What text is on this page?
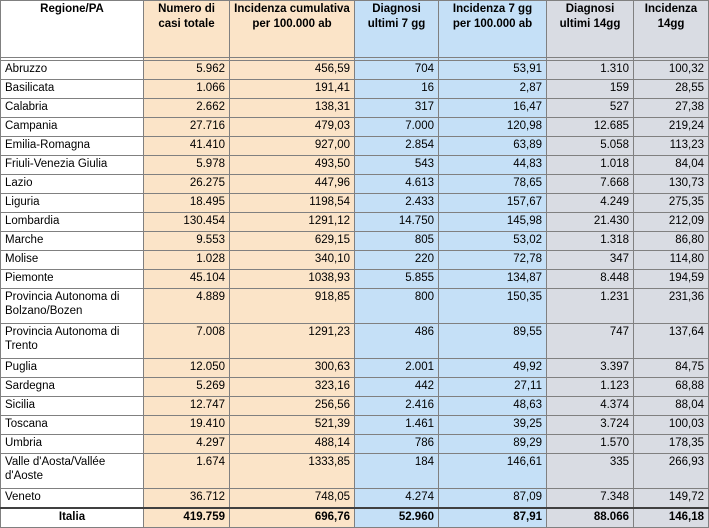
Regione/PA	Numero di casi totale	Incidenza cumulativa per 100.000 ab	Diagnosi ultimi 7 gg	Incidenza 7 gg per 100.000 ab	Diagnosi ultimi 14gg	Incidenza 14gg

Abruzzo	5.962	456,59	704	53,91	1.310	100,32
Basilicata	1.066	191,41	16	2,87	159	28,55
Calabria	2.662	138,31	317	16,47	527	27,38
Campania	27.716	479,03	7.000	120,98	12.685	219,24
Emilia-Romagna	41.410	927,00	2.854	63,89	5.058	113,23
Friuli-Venezia Giulia	5.978	493,50	543	44,83	1.018	84,04
Lazio	26.275	447,96	4.613	78,65	7.668	130,73
Liguria	18.495	1198,54	2.433	157,67	4.249	275,35
Lombardia	130.454	1291,12	14.750	145,98	21.430	212,09
Marche	9.553	629,15	805	53,02	1.318	86,80
Molise	1.028	340,10	220	72,78	347	114,80
Piemonte	45.104	1038,93	5.855	134,87	8.448	194,59
Provincia Autonoma di Bolzano/Bozen	4.889	918,85	800	150,35	1.231	231,36
Provincia Autonoma di Trento	7.008	1291,23	486	89,55	747	137,64
Puglia	12.050	300,63	2.001	49,92	3.397	84,75
Sardegna	5.269	323,16	442	27,11	1.123	68,88
Sicilia	12.747	256,56	2.416	48,63	4.374	88,04
Toscana	19.410	521,39	1.461	39,25	3.724	100,03
Umbria	4.297	488,14	786	89,29	1.570	178,35
Valle d'Aosta/Vallée d'Aoste	1.674	1333,85	184	146,61	335	266,93
Veneto	36.712	748,05	4.274	87,09	7.348	149,72
Italia	419.759	696,76	52.960	87,91	88.066	146,18
